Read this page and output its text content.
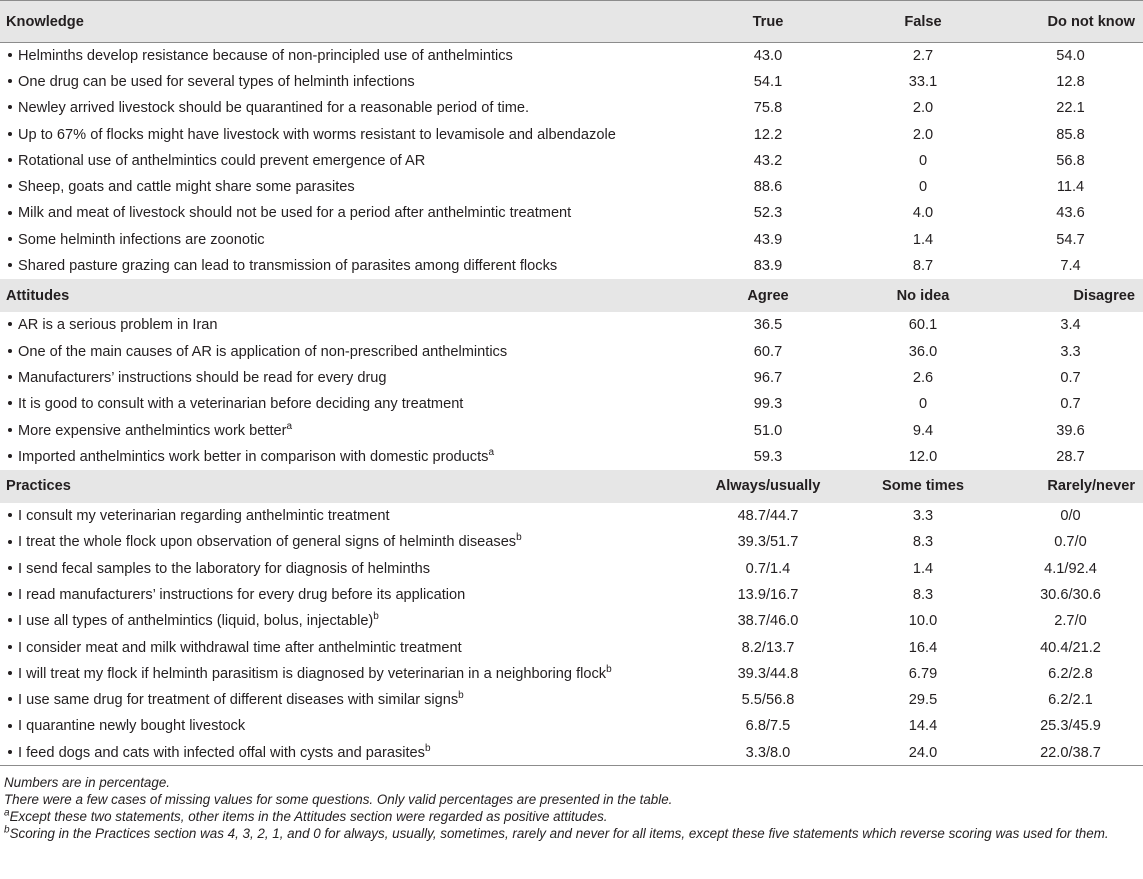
Knowledge	True	False	Do not know
Helminths develop resistance because of non-principled use of anthelmintics	43.0	2.7	54.0
One drug can be used for several types of helminth infections	54.1	33.1	12.8
Newley arrived livestock should be quarantined for a reasonable period of time.	75.8	2.0	22.1
Up to 67% of flocks might have livestock with worms resistant to levamisole and albendazole	12.2	2.0	85.8
Rotational use of anthelmintics could prevent emergence of AR	43.2	0	56.8
Sheep, goats and cattle might share some parasites	88.6	0	11.4
Milk and meat of livestock should not be used for a period after anthelmintic treatment	52.3	4.0	43.6
Some helminth infections are zoonotic	43.9	1.4	54.7
Shared pasture grazing can lead to transmission of parasites among different flocks	83.9	8.7	7.4
Attitudes	Agree	No idea	Disagree
AR is a serious problem in Iran	36.5	60.1	3.4
One of the main causes of AR is application of non-prescribed anthelmintics	60.7	36.0	3.3
Manufacturers’ instructions should be read for every drug	96.7	2.6	0.7
It is good to consult with a veterinarian before deciding any treatment	99.3	0	0.7
More expensive anthelmintics work better$^a$	51.0	9.4	39.6
Imported anthelmintics work better in comparison with domestic products$^a$	59.3	12.0	28.7
Practices	Always/usually	Some times	Rarely/never
I consult my veterinarian regarding anthelmintic treatment	48.7/44.7	3.3	0/0
I treat the whole flock upon observation of general signs of helminth diseases$^b$	39.3/51.7	8.3	0.7/0
I send fecal samples to the laboratory for diagnosis of helminths	0.7/1.4	1.4	4.1/92.4
I read manufacturers’ instructions for every drug before its application	13.9/16.7	8.3	30.6/30.6
I use all types of anthelmintics (liquid, bolus, injectable)$^b$	38.7/46.0	10.0	2.7/0
I consider meat and milk withdrawal time after anthelmintic treatment	8.2/13.7	16.4	40.4/21.2
I will treat my flock if helminth parasitism is diagnosed by veterinarian in a neighboring flock$^b$	39.3/44.8	6.79	6.2/2.8
I use same drug for treatment of different diseases with similar signs$^b$	5.5/56.8	29.5	6.2/2.1
I quarantine newly bought livestock	6.8/7.5	14.4	25.3/45.9
I feed dogs and cats with infected offal with cysts and parasites$^b$	3.3/8.0	24.0	22.0/38.7

Numbers are in percentage.

There were a few cases of missing values for some questions. Only valid percentages are presented in the table.

$^a$Except these two statements, other items in the Attitudes section were regarded as positive attitudes.

$^b$Scoring in the Practices section was 4, 3, 2, 1, and 0 for always, usually, sometimes, rarely and never for all items, except these five statements which reverse scoring was used for them.
